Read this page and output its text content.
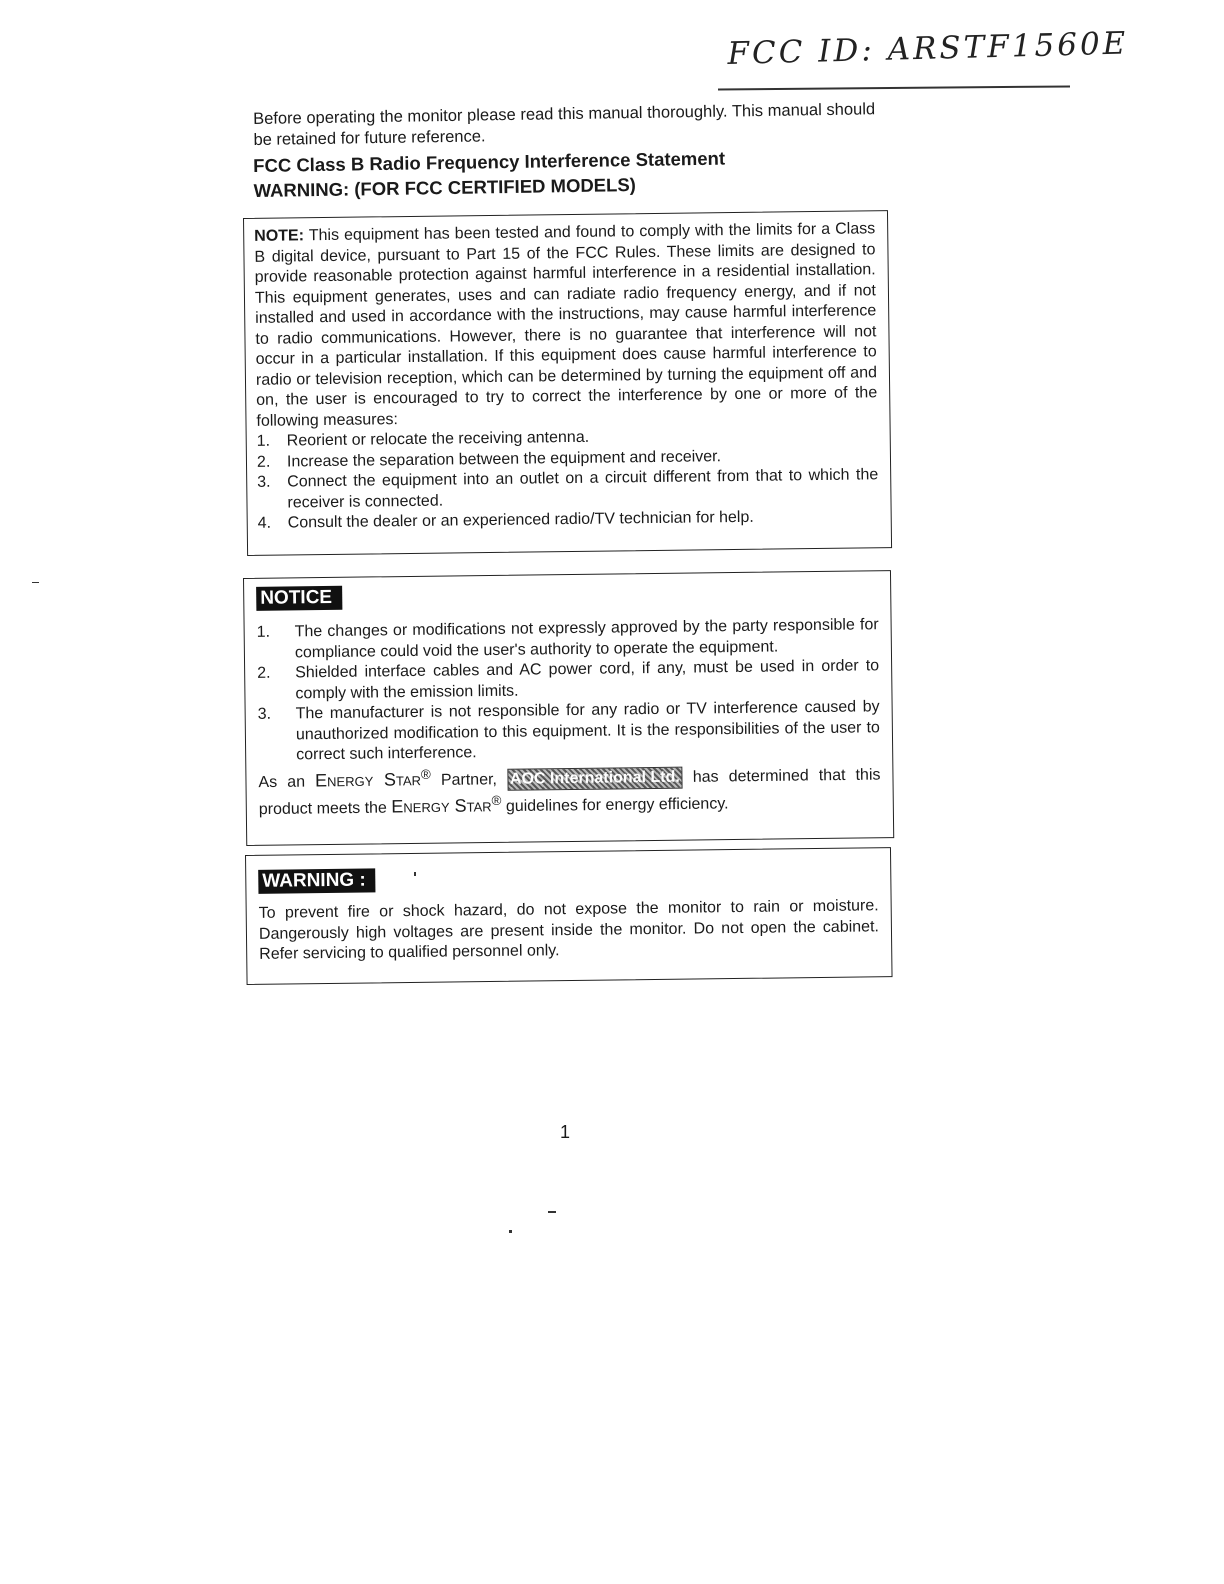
FCC ID: ARSTF1560E

Before operating the monitor please read this manual thoroughly. This manual should be retained for future reference.

FCC Class B Radio Frequency Interference Statement
WARNING: (FOR FCC CERTIFIED MODELS)

NOTE: This equipment has been tested and found to comply with the limits for a Class B digital device, pursuant to Part 15 of the FCC Rules. These limits are designed to provide reasonable protection against harmful interference in a residential installation. This equipment generates, uses and can radiate radio frequency energy, and if not installed and used in accordance with the instructions, may cause harmful interference to radio communications. However, there is no guarantee that interference will not occur in a particular installation. If this equipment does cause harmful interference to radio or television reception, which can be determined by turning the equipment off and on, the user is encouraged to try to correct the interference by one or more of the following measures:

1.	Reorient or relocate the receiving antenna.
2.	Increase the separation between the equipment and receiver.
3.	Connect the equipment into an outlet on a circuit different from that to which the receiver is connected.
4.	Consult the dealer or an experienced radio/TV technician for help.
NOTICE
1.	The changes or modifications not expressly approved by the party responsible for compliance could void the user's authority to operate the equipment.
2.	Shielded interface cables and AC power cord, if any, must be used in order to comply with the emission limits.
3.	The manufacturer is not responsible for any radio or TV interference caused by unauthorized modification to this equipment. It is the responsibilities of the user to correct such interference.

As an Energy Star® Partner, AOC International Ltd. has determined that this product meets the Energy Star® guidelines for energy efficiency.

WARNING :

To prevent fire or shock hazard, do not expose the monitor to rain or moisture. Dangerously high voltages are present inside the monitor. Do not open the cabinet. Refer servicing to qualified personnel only.

1
